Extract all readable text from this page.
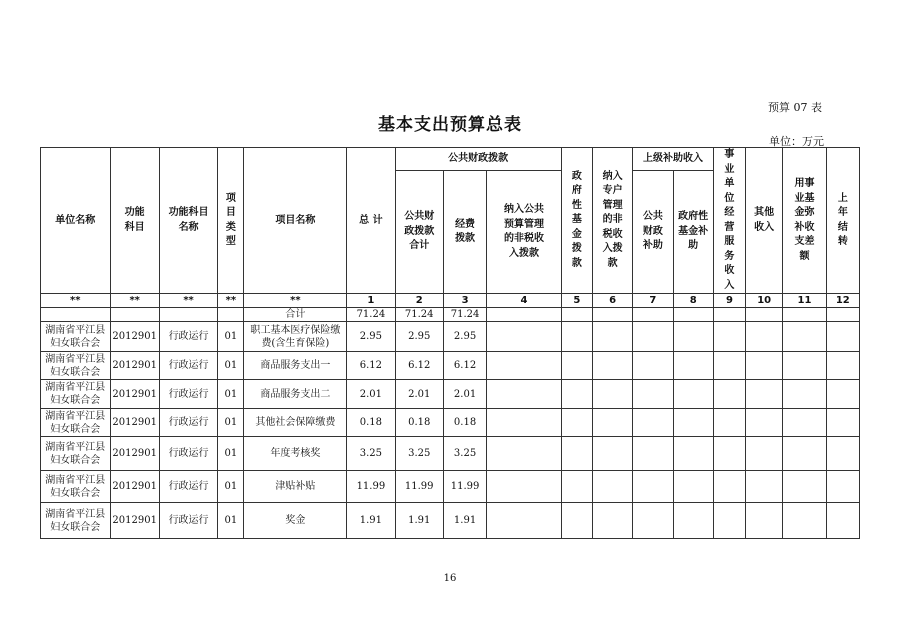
预算 07 表
基本支出预算总表
单位：万元
单位名称	功能科目	功能科目名称	项目类型	项目名称	总 计	公共财政拨款			政府性基金拨款	纳入专户管理的非税收入拨款	上级补助收入		事业单位经营服务收入	其他收入	用事业基金弥补收支差额	上年结转
						公共财政拨款合计	经费拨款	纳入公共预算管理的非税收入拨款			公共财政补助	政府性基金补助				
**	**	**	**	**	1	2	3	4	5	6	7	8	9	10	11	12
				合计	71.24	71.24	71.24									
湖南省平江县妇女联合会	2012901	行政运行	01	职工基本医疗保险缴费(含生育保险)	2.95	2.95	2.95									
湖南省平江县妇女联合会	2012901	行政运行	01	商品服务支出一	6.12	6.12	6.12									
湖南省平江县妇女联合会	2012901	行政运行	01	商品服务支出二	2.01	2.01	2.01									
湖南省平江县妇女联合会	2012901	行政运行	01	其他社会保障缴费	0.18	0.18	0.18									
湖南省平江县妇女联合会	2012901	行政运行	01	年度考核奖	3.25	3.25	3.25									
湖南省平江县妇女联合会	2012901	行政运行	01	津贴补贴	11.99	11.99	11.99									
湖南省平江县妇女联合会	2012901	行政运行	01	奖金	1.91	1.91	1.91									
16
